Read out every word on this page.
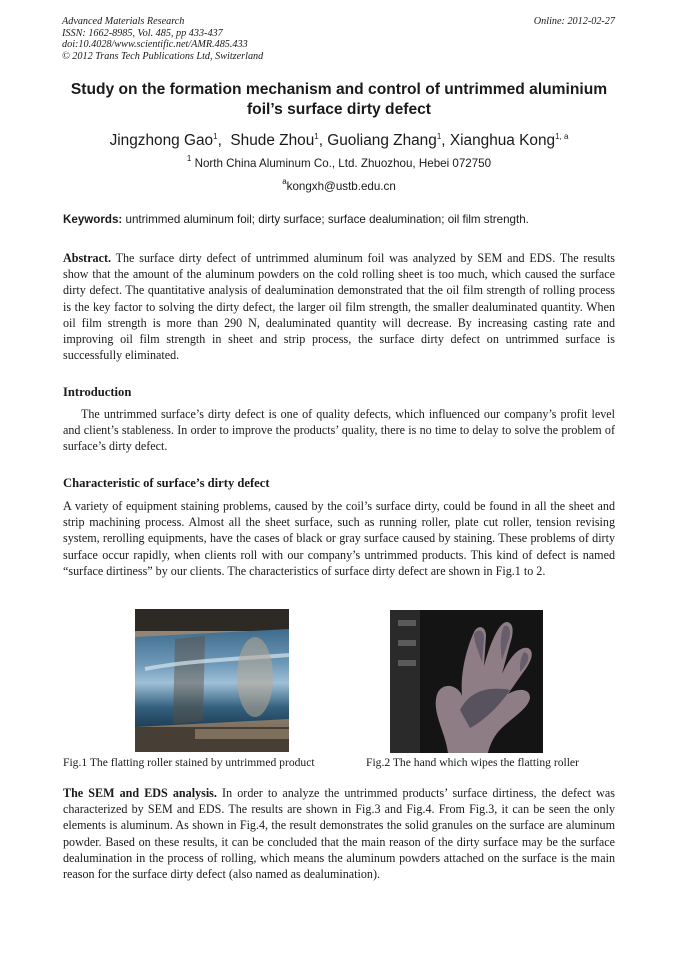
Advanced Materials Research
ISSN: 1662-8985, Vol. 485, pp 433-437
doi:10.4028/www.scientific.net/AMR.485.433
© 2012 Trans Tech Publications Ltd, Switzerland
Online: 2012-02-27
Study on the formation mechanism and control of untrimmed aluminium
foil’s surface dirty defect
Jingzhong Gao$^1$,  Shude Zhou$^1$, Guoliang Zhang$^1$, Xianghua Kong$^{1, a}$
$^1$ North China Aluminum Co., Ltd. Zhuozhou, Hebei 072750
$^a$kongxh@ustb.edu.cn
Keywords: untrimmed aluminum foil; dirty surface; surface dealumination; oil film strength.
Abstract. The surface dirty defect of untrimmed aluminum foil was analyzed by SEM and EDS. The results show that the amount of the aluminum powders on the cold rolling sheet is too much, which caused the surface dirty defect. The quantitative analysis of dealumination demonstrated that the oil film strength of rolling process is the key factor to solving the dirty defect, the larger oil film strength, the smaller dealuminated quantity. When oil film strength is more than 290 N, dealuminated quantity will decrease. By increasing casting rate and improving oil film strength in sheet and strip process, the surface dirty defect on untrimmed surface is successfully eliminated.
Introduction
The untrimmed surface’s dirty defect is one of quality defects, which influenced our company’s profit level and client’s stableness. In order to improve the products’ quality, there is no time to delay to solve the problem of surface’s dirty defect.
Characteristic of surface’s dirty defect
A variety of equipment staining problems, caused by the coil’s surface dirty, could be found in all the sheet and strip machining process. Almost all the sheet surface, such as running roller, plate cut roller, tension revising system, rerolling equipments, have the cases of black or gray surface caused by staining. These problems of dirty surface occur rapidly, when clients roll with our company’s untrimmed products. This kind of defect is named “surface dirtiness” by our clients. The characteristics of surface dirty defect are shown in Fig.1 to 2.
Fig.1 The flatting roller stained by untrimmed product	Fig.2 The hand which wipes the flatting roller
The SEM and EDS analysis. In order to analyze the untrimmed products’ surface dirtiness, the defect was characterized by SEM and EDS. The results are shown in Fig.3 and Fig.4. From Fig.3, it can be seen the only elements is aluminum. As shown in Fig.4, the result demonstrates the solid granules on the surface are aluminum powder. Based on these results, it can be concluded that the main reason of the dirty surface may be the surface dealumination in the process of rolling, which means the aluminum powders attached on the surface is the main reason for the surface dirty defect (also named as dealumination).
